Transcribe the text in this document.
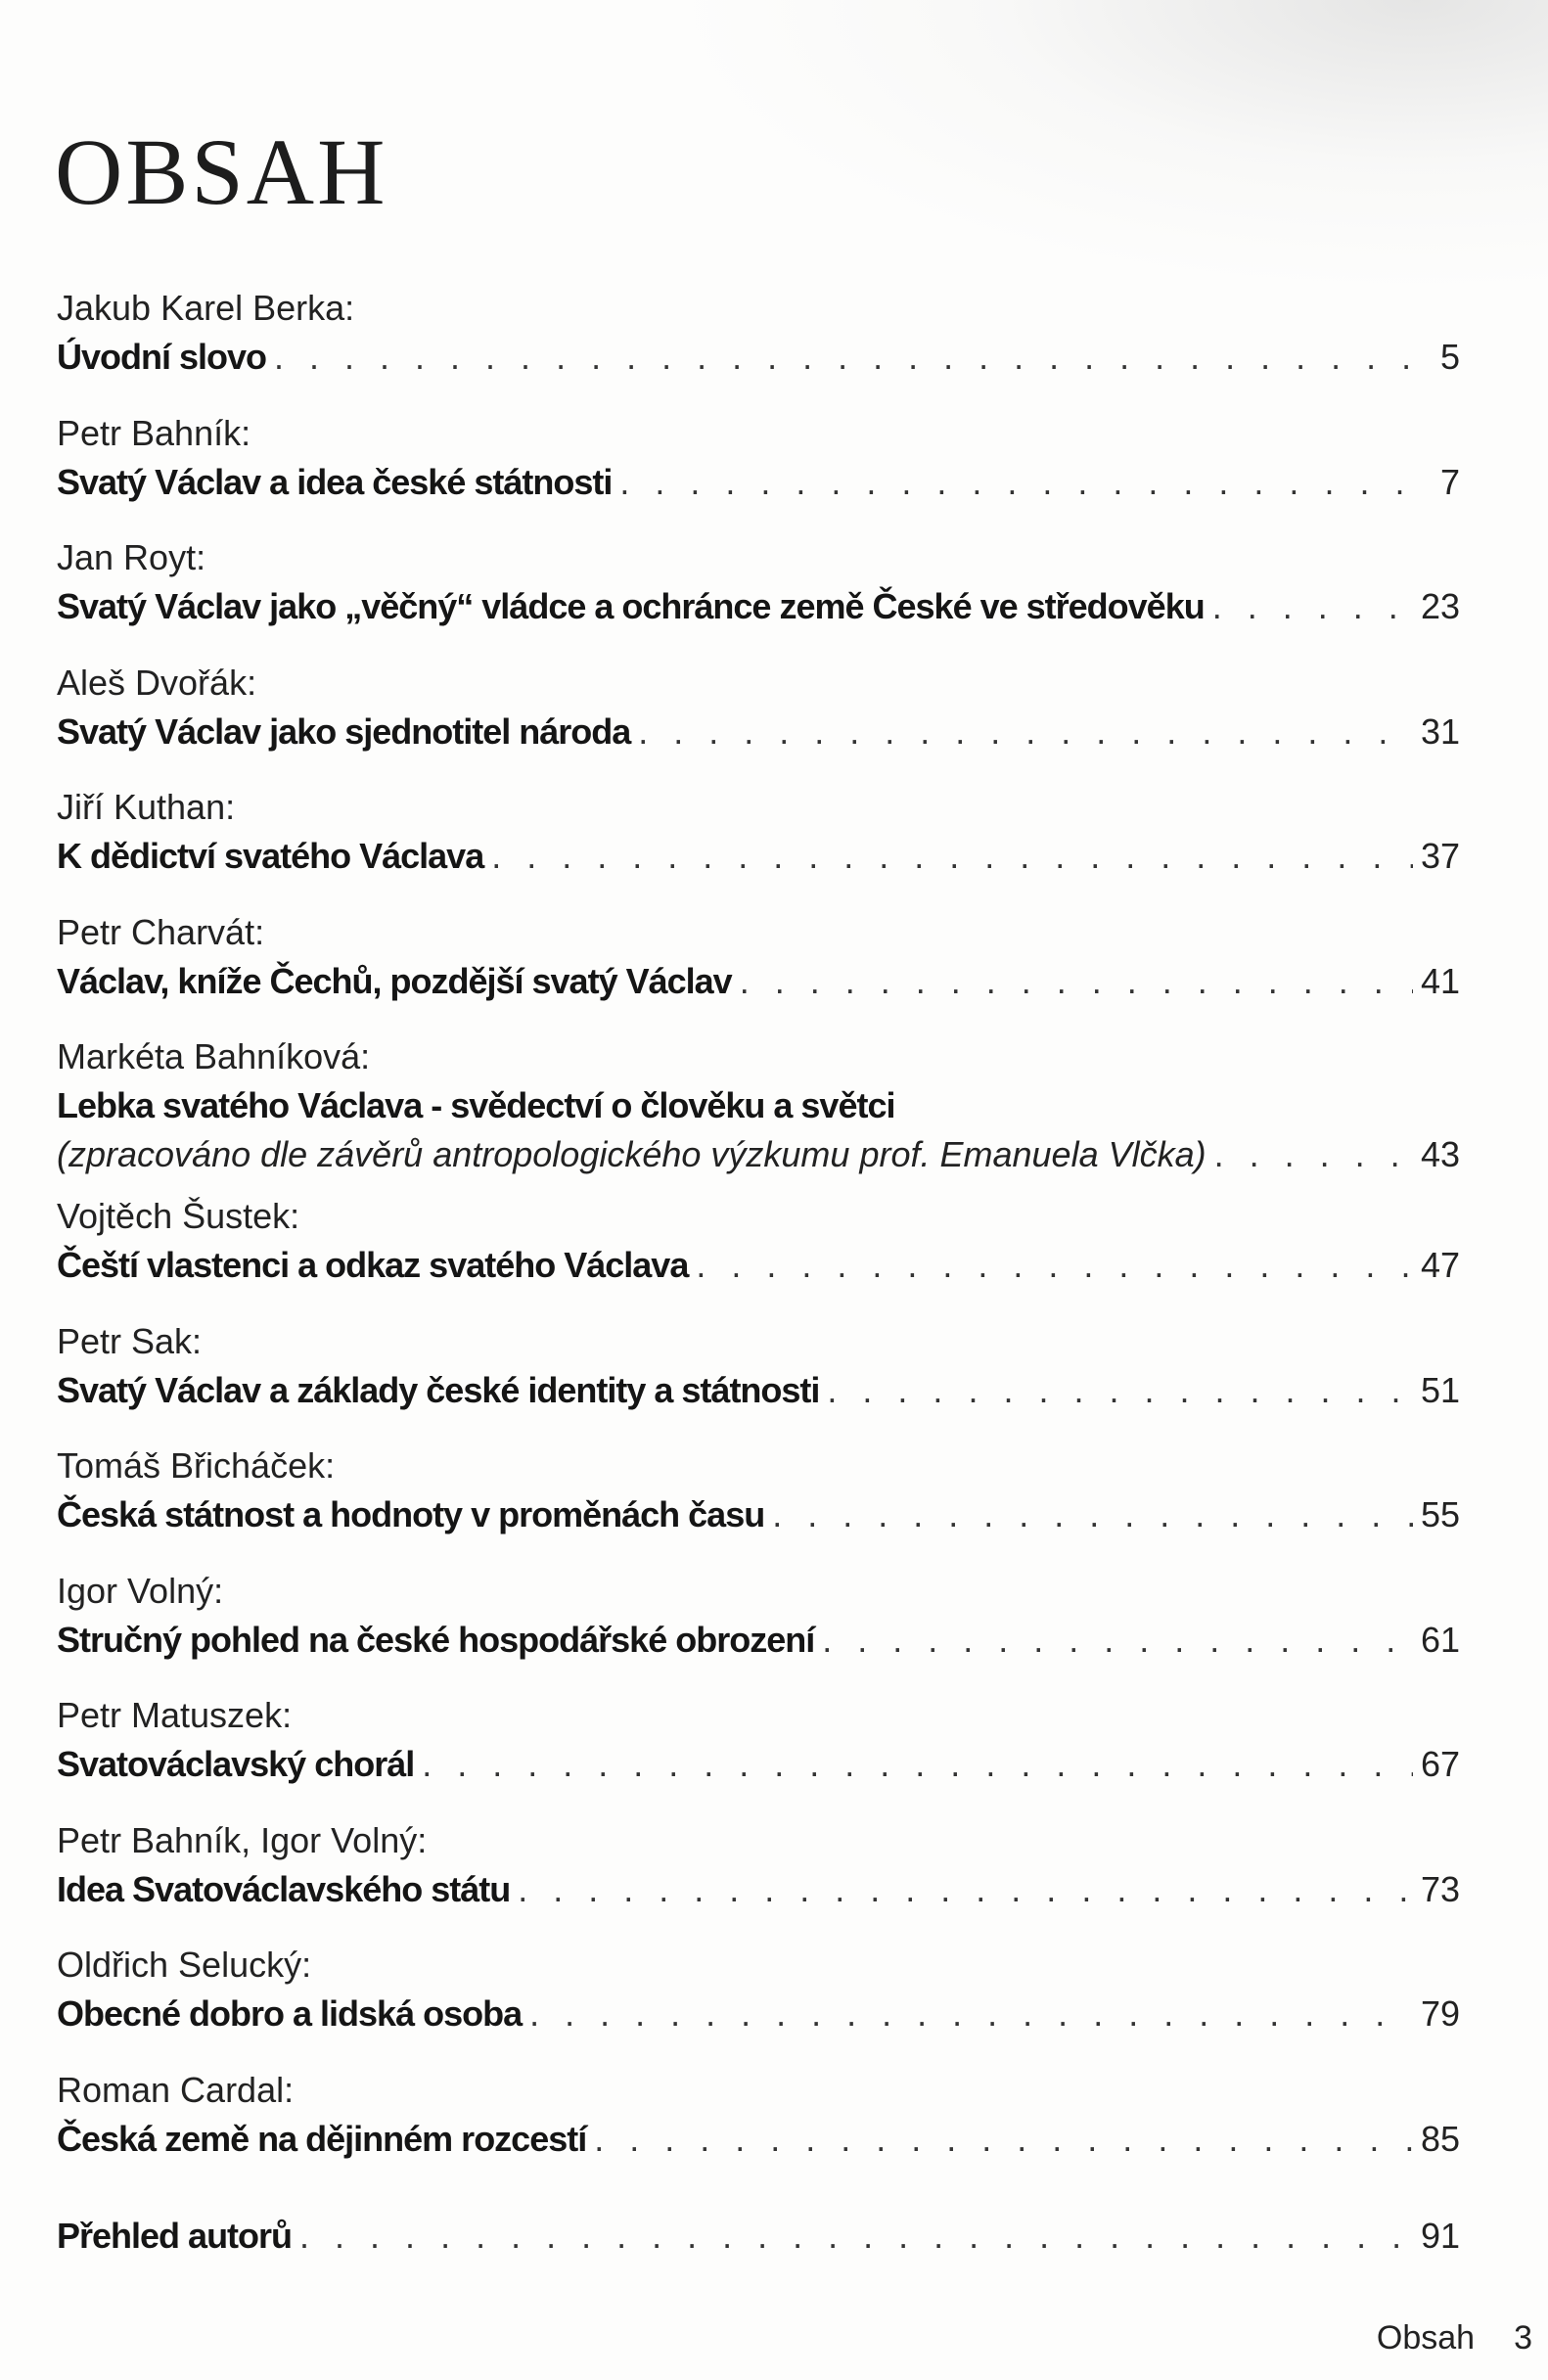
OBSAH
Jakub Karel Berka:
Úvodní slovo . . .	5
Petr Bahník:
Svatý Václav a idea české státnosti . . .	7
Jan Royt:
Svatý Václav jako „věčný“ vládce a ochránce země České ve středověku . . .	23
Aleš Dvořák:
Svatý Václav jako sjednotitel národa . . .	31
Jiří Kuthan:
K dědictví svatého Václava . . .	37
Petr Charvát:
Václav, kníže Čechů, pozdější svatý Václav . . .	41
Markéta Bahníková:
Lebka svatého Václava - svědectví o člověku a světci
(zpracováno dle závěrů antropologického výzkumu prof. Emanuela Vlčka) . . .	43
Vojtěch Šustek:
Čeští vlastenci a odkaz svatého Václava . . .	47
Petr Sak:
Svatý Václav a základy české identity a státnosti . . .	51
Tomáš Břicháček:
Česká státnost a hodnoty v proměnách času . . .	55
Igor Volný:
Stručný pohled na české hospodářské obrození . . .	61
Petr Matuszek:
Svatováclavský chorál . . .	67
Petr Bahník, Igor Volný:
Idea Svatováclavského státu . . .	73
Oldřich Selucký:
Obecné dobro a lidská osoba . . .	79
Roman Cardal:
Česká země na dějinném rozcestí . . .	85
Přehled autorů . . .	91
Obsah 3
